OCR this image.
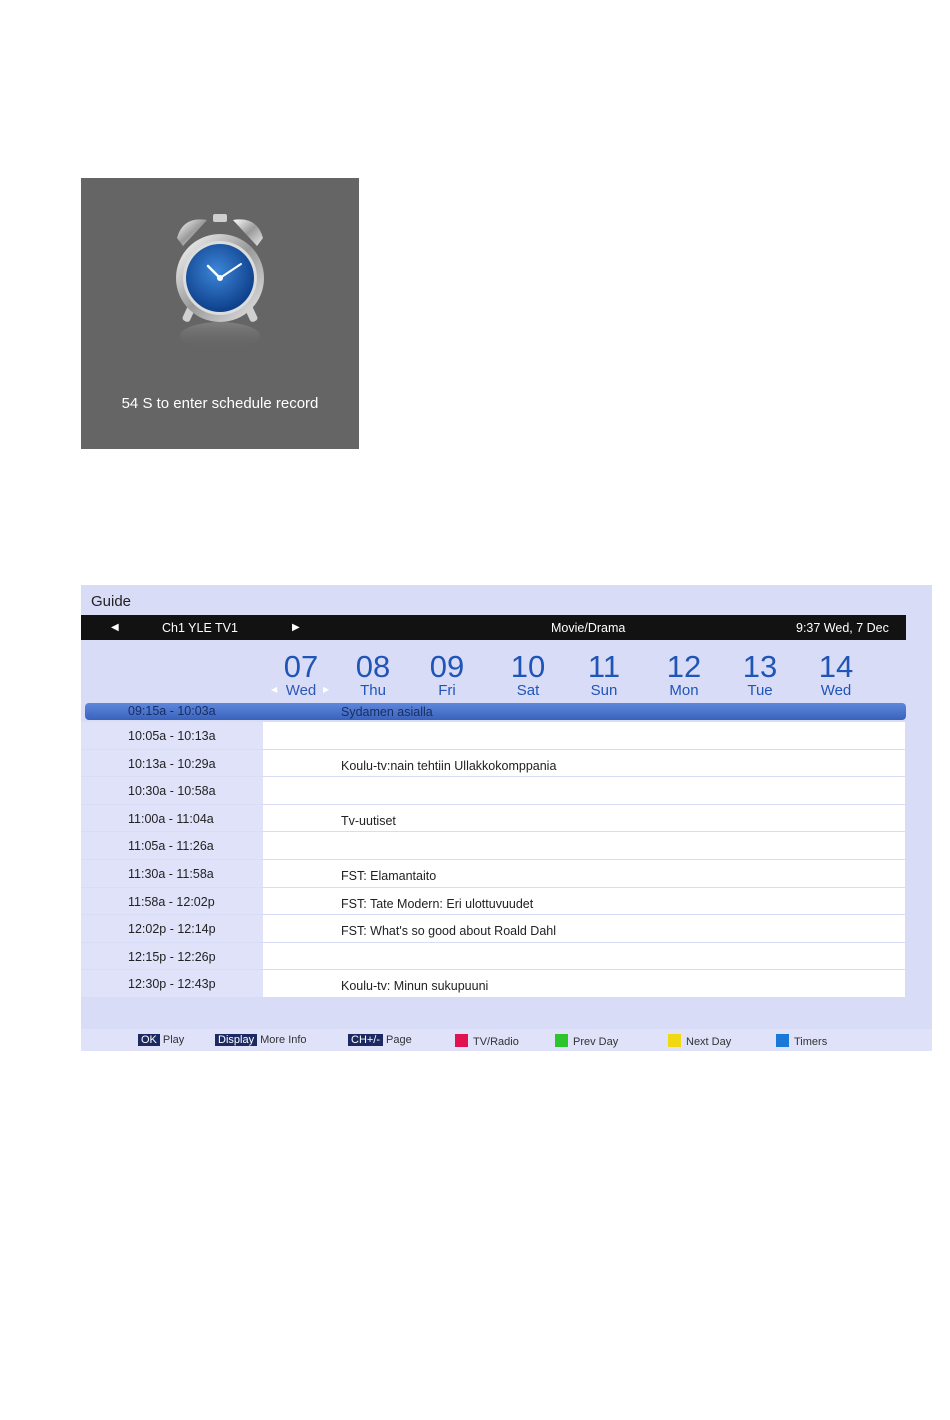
54 S to enter schedule record
Guide
◀	Ch1 YLE TV1	▶	Movie/Drama	9:37 Wed, 7 Dec
◀	▶
07
Wed
08
Thu
09
Fri
10
Sat
11
Sun
12
Mon
13
Tue
14
Wed
09:15a - 10:03a	Sydamen asialla
10:05a - 10:13a
10:13a - 10:29a	Koulu-tv:nain tehtiin Ullakkokomppania
10:30a - 10:58a
11:00a - 11:04a	Tv-uutiset
11:05a - 11:26a
11:30a - 11:58a	FST: Elamantaito
11:58a - 12:02p	FST: Tate Modern: Eri ulottuvuudet
12:02p - 12:14p	FST: What's so good about Roald Dahl
12:15p - 12:26p
12:30p - 12:43p	Koulu-tv: Minun sukupuuni
OK Play	Display More Info	CH+/- Page	TV/Radio	Prev Day	Next Day	Timers
